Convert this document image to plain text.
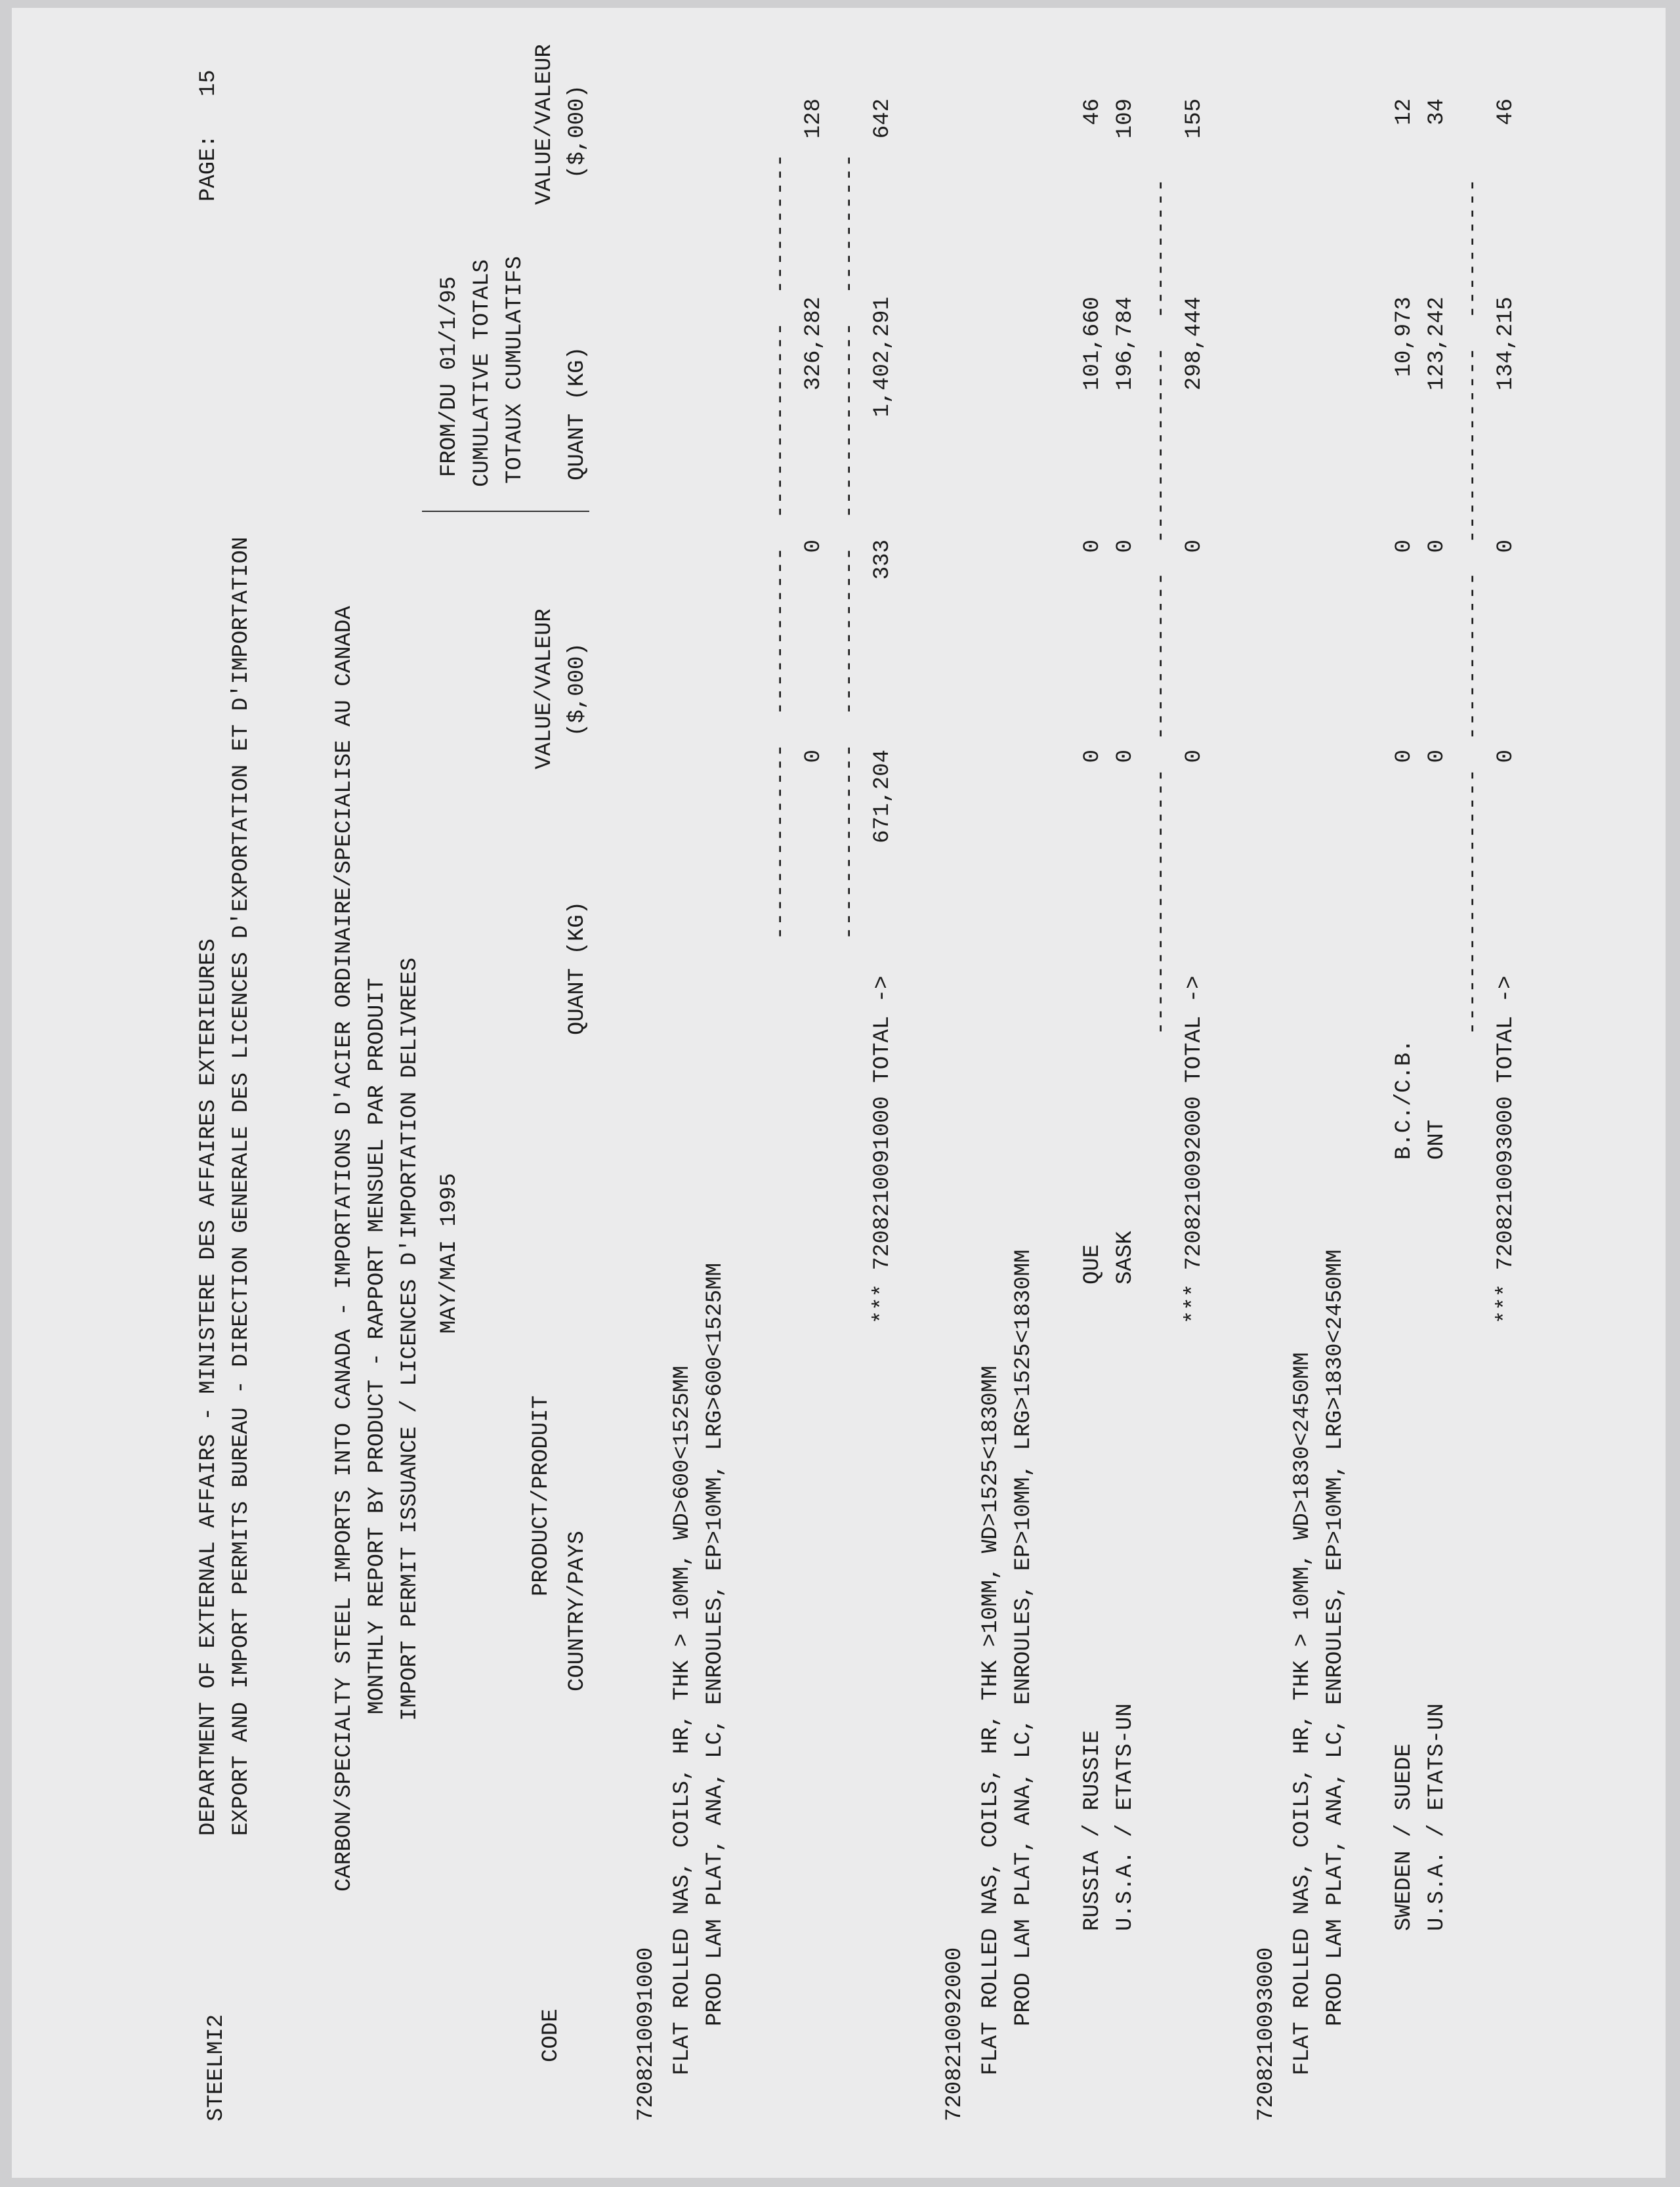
STEELMI2
DEPARTMENT OF EXTERNAL AFFAIRS - MINISTERE DES AFFAIRES EXTERIEURES EXPORT AND IMPORT PERMITS BUREAU - DIRECTION GENERALE DES LICENCES D'EXPORTATION ET D'IMPORTATION
PAGE:
15
CARBON/SPECIALTY STEEL IMPORTS INTO CANADA - IMPORTATIONS D'ACIER ORDINAIRE/SPECIALISE AU CANADA MONTHLY REPORT BY PRODUCT - RAPPORT MENSUEL PAR PRODUIT IMPORT PERMIT ISSUANCE / LICENCES D'IMPORTATION DELIVREES MAY/MAI 1995
CODE
PRODUCT/PRODUIT
COUNTRY/PAYS
QUANT (KG)
VALUE/VALEUR ($,000)
FROM/DU 01/1/95 CUMULATIVE TOTALS TOTAUX CUMULATIFS QUANT (KG)
VALUE/VALEUR ($,000)
7208210091000 FLAT ROLLED NAS, COILS, HR, THK > 10MM, WD>600<1525MM PROD LAM PLAT, ANA, LC, ENROULES, EP>10MM, LRG>600<1525MM
--------------  ------------  --------------  ---------- 0
0
326,282
128
--------------  ------------  --------------  ----------
*** 7208210091000 TOTAL ->
671,204
333
1,402,291
642
7208210092000 FLAT ROLLED NAS, COILS, HR, THK >10MM, WD>1525<1830MM PROD LAM PLAT, ANA, LC, ENROULES, EP>10MM, LRG>1525<1830MM RUSSIA / RUSSIE
QUE
0
0
101,660
46
U.S.A. / ETATS-UN
SASK
0
0
196,784
109
-------------------  ------------  --------------  ----------
*** 7208210092000 TOTAL ->
0
0
298,444
155
7208210093000 FLAT ROLLED NAS, COILS, HR, THK > 10MM, WD>1830<2450MM PROD LAM PLAT, ANA, LC, ENROULES, EP>10MM, LRG>1830<2450MM SWEDEN / SUEDE
B.C./C.B.
0
0
10,973
12
U.S.A. / ETATS-UN
ONT
0
0
123,242
34
-------------------  ------------  --------------  ----------
*** 7208210093000 TOTAL ->
0
0
134,215
46
